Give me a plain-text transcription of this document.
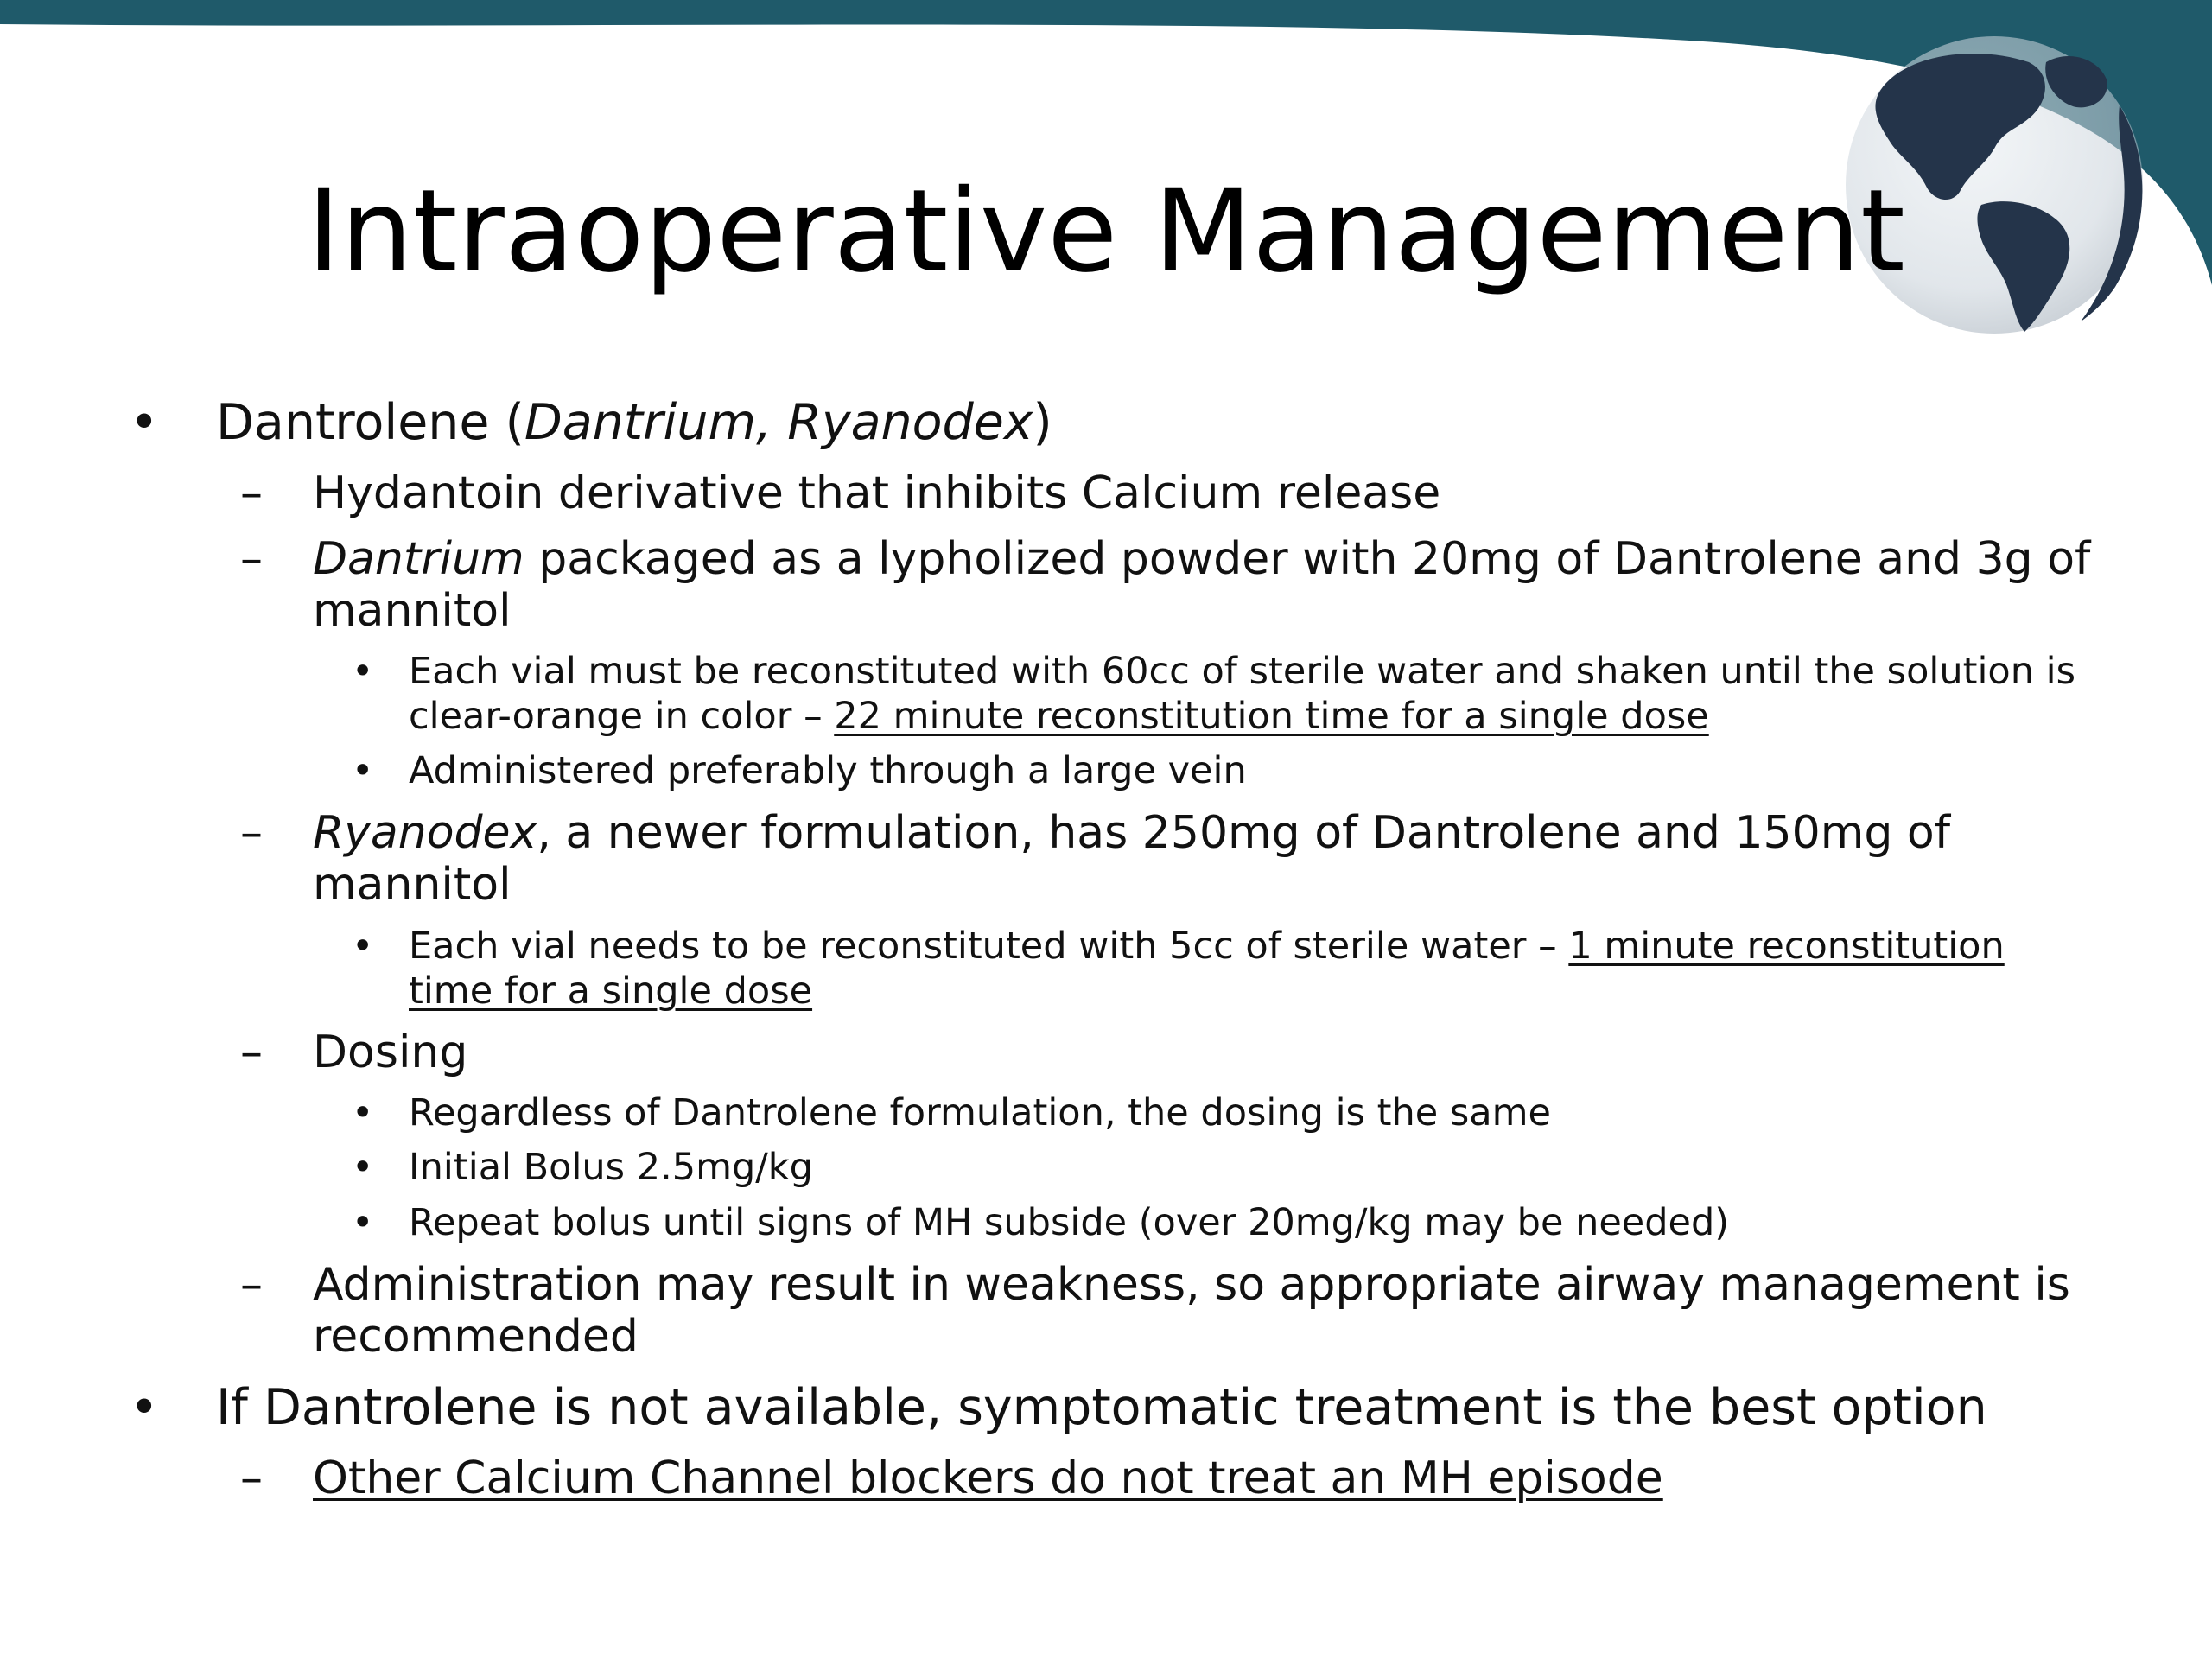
Intraoperative Management
• Dantrolene (Dantrium, Ryanodex)
– Hydantoin derivative that inhibits Calcium release
– Dantrium packaged as a lypholized powder with 20mg of Dantrolene and 3g of
mannitol
• Each vial must be reconstituted with 60cc of sterile water and shaken until the solution is
clear-orange in color – 22 minute reconstitution time for a single dose
• Administered preferably through a large vein
– Ryanodex, a newer formulation, has 250mg of Dantrolene and 150mg of
mannitol
• Each vial needs to be reconstituted with 5cc of sterile water – 1 minute reconstitution
time for a single dose
– Dosing
• Regardless of Dantrolene formulation, the dosing is the same
• Initial Bolus 2.5mg/kg
• Repeat bolus until signs of MH subside (over 20mg/kg may be needed)
– Administration may result in weakness, so appropriate airway management is
recommended
• If Dantrolene is not available, symptomatic treatment is the best option
– Other Calcium Channel blockers do not treat an MH episode
